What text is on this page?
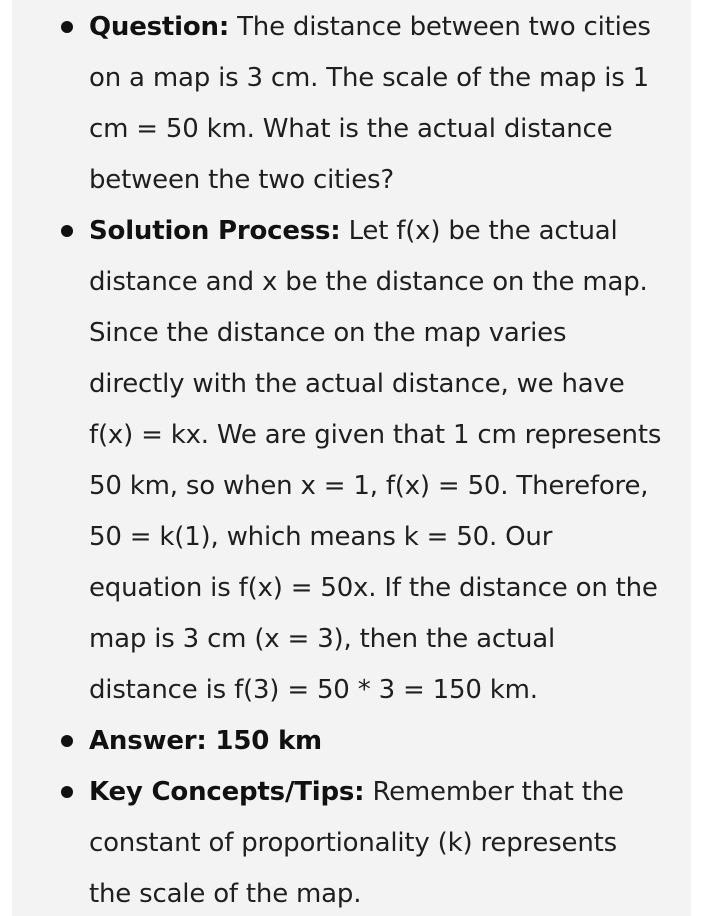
Question: The distance between two cities
on a map is 3 cm. The scale of the map is 1
cm = 50 km. What is the actual distance
between the two cities?
Solution Process: Let f(x) be the actual
distance and x be the distance on the map.
Since the distance on the map varies
directly with the actual distance, we have
f(x) = kx. We are given that 1 cm represents
50 km, so when x = 1, f(x) = 50. Therefore,
50 = k(1), which means k = 50. Our
equation is f(x) = 50x. If the distance on the
map is 3 cm (x = 3), then the actual
distance is f(3) = 50 * 3 = 150 km.
Answer: 150 km
Key Concepts/Tips: Remember that the
constant of proportionality (k) represents
the scale of the map.
